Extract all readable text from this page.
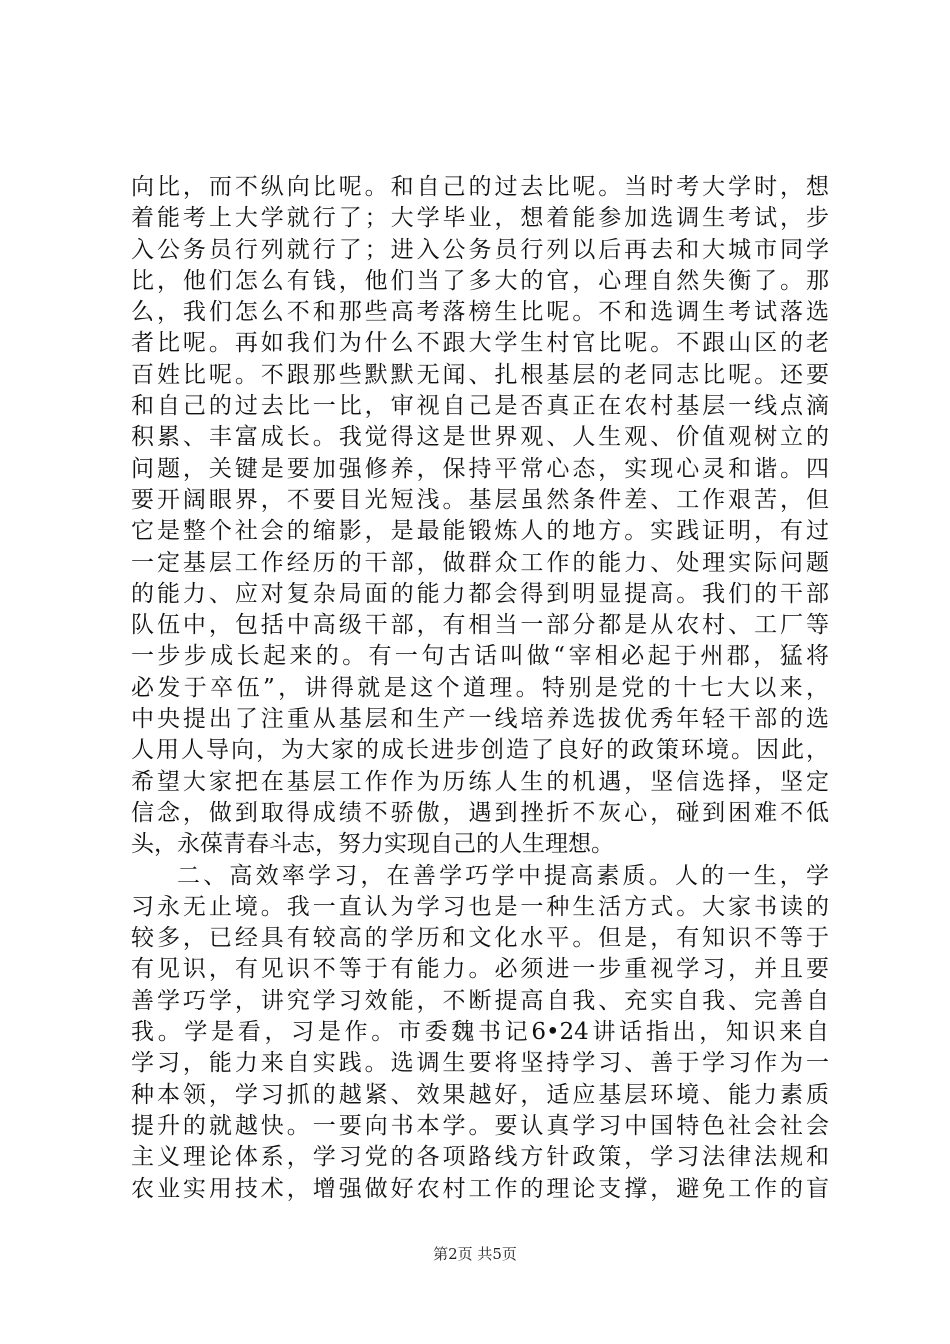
向比，而不纵向比呢。和自己的过去比呢。当时考大学时，想
着能考上大学就行了；大学毕业，想着能参加选调生考试，步
入公务员行列就行了；进入公务员行列以后再去和大城市同学
比，他们怎么有钱，他们当了多大的官，心理自然失衡了。那
么，我们怎么不和那些高考落榜生比呢。不和选调生考试落选
者比呢。再如我们为什么不跟大学生村官比呢。不跟山区的老
百姓比呢。不跟那些默默无闻、扎根基层的老同志比呢。还要
和自己的过去比一比，审视自己是否真正在农村基层一线点滴
积累、丰富成长。我觉得这是世界观、人生观、价值观树立的
问题，关键是要加强修养，保持平常心态，实现心灵和谐。四
要开阔眼界，不要目光短浅。基层虽然条件差、工作艰苦，但
它是整个社会的缩影，是最能锻炼人的地方。实践证明，有过
一定基层工作经历的干部，做群众工作的能力、处理实际问题
的能力、应对复杂局面的能力都会得到明显提高。我们的干部
队伍中，包括中高级干部，有相当一部分都是从农村、工厂等
一步步成长起来的。有一句古话叫做“宰相必起于州郡，猛将
必发于卒伍”，讲得就是这个道理。特别是党的十七大以来，
中央提出了注重从基层和生产一线培养选拔优秀年轻干部的选
人用人导向，为大家的成长进步创造了良好的政策环境。因此，
希望大家把在基层工作作为历练人生的机遇，坚信选择，坚定
信念，做到取得成绩不骄傲，遇到挫折不灰心，碰到困难不低
头，永葆青春斗志，努力实现自己的人生理想。
二、高效率学习，在善学巧学中提高素质。人的一生，学
习永无止境。我一直认为学习也是一种生活方式。大家书读的
较多，已经具有较高的学历和文化水平。但是，有知识不等于
有见识，有见识不等于有能力。必须进一步重视学习，并且要
善学巧学，讲究学习效能，不断提高自我、充实自我、完善自
我。学是看，习是作。市委魏书记6•24讲话指出，知识来自
学习，能力来自实践。选调生要将坚持学习、善于学习作为一
种本领，学习抓的越紧、效果越好，适应基层环境、能力素质
提升的就越快。一要向书本学。要认真学习中国特色社会社会
主义理论体系，学习党的各项路线方针政策，学习法律法规和
农业实用技术，增强做好农村工作的理论支撑，避免工作的盲
第2页 共5页
